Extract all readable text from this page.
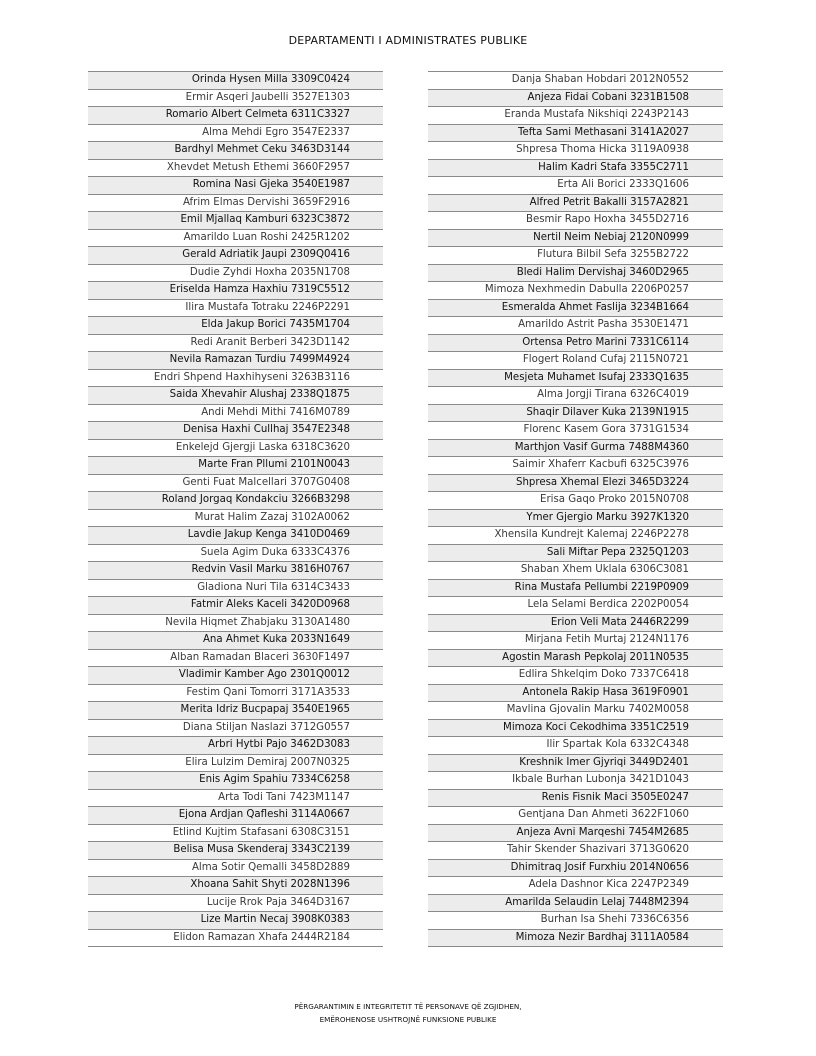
DEPARTAMENTI I ADMINISTRATES PUBLIKE
Orinda Hysen Milla 3309C0424
Ermir Asqeri Jaubelli 3527E1303
Romario Albert Celmeta 6311C3327
Alma Mehdi Egro 3547E2337
Bardhyl Mehmet Ceku 3463D3144
Xhevdet Metush Ethemi 3660F2957
Romina Nasi Gjeka 3540E1987
Afrim Elmas Dervishi 3659F2916
Emil Mjallaq Kamburi 6323C3872
Amarildo Luan Roshi 2425R1202
Gerald Adriatik Jaupi 2309Q0416
Dudie Zyhdi Hoxha 2035N1708
Eriselda Hamza Haxhiu 7319C5512
Ilira Mustafa Totraku 2246P2291
Elda Jakup Borici 7435M1704
Redi Aranit Berberi 3423D1142
Nevila Ramazan Turdiu 7499M4924
Endri Shpend Haxhihyseni 3263B3116
Saida Xhevahir Alushaj 2338Q1875
Andi Mehdi Mithi 7416M0789
Denisa Haxhi Cullhaj 3547E2348
Enkelejd Gjergji Laska 6318C3620
Marte Fran Pllumi 2101N0043
Genti Fuat Malcellari 3707G0408
Roland Jorgaq Kondakciu 3266B3298
Murat Halim Zazaj 3102A0062
Lavdie Jakup Kenga 3410D0469
Suela Agim Duka 6333C4376
Redvin Vasil Marku 3816H0767
Gladiona Nuri Tila 6314C3433
Fatmir Aleks Kaceli 3420D0968
Nevila Hiqmet Zhabjaku 3130A1480
Ana Ahmet Kuka 2033N1649
Alban Ramadan Blaceri 3630F1497
Vladimir Kamber Ago 2301Q0012
Festim Qani Tomorri 3171A3533
Merita Idriz Bucpapaj 3540E1965
Diana Stiljan Naslazi 3712G0557
Arbri Hytbi Pajo 3462D3083
Elira Lulzim Demiraj 2007N0325
Enis Agim Spahiu 7334C6258
Arta Todi Tani 7423M1147
Ejona Ardjan Qafleshi 3114A0667
Etlind Kujtim Stafasani 6308C3151
Belisa Musa Skenderaj 3343C2139
Alma Sotir Qemalli 3458D2889
Xhoana Sahit Shyti 2028N1396
Lucije Rrok Paja 3464D3167
Lize Martin Necaj 3908K0383
Elidon Ramazan Xhafa 2444R2184
Danja Shaban Hobdari 2012N0552
Anjeza Fidai Cobani 3231B1508
Eranda Mustafa Nikshiqi 2243P2143
Tefta Sami Methasani 3141A2027
Shpresa Thoma Hicka 3119A0938
Halim Kadri Stafa 3355C2711
Erta Ali Borici 2333Q1606
Alfred Petrit Bakalli 3157A2821
Besmir Rapo Hoxha 3455D2716
Nertil Neim Nebiaj 2120N0999
Flutura Bilbil Sefa 3255B2722
Bledi Halim Dervishaj 3460D2965
Mimoza Nexhmedin Dabulla 2206P0257
Esmeralda Ahmet Faslija 3234B1664
Amarildo Astrit Pasha 3530E1471
Ortensa Petro Marini 7331C6114
Flogert Roland Cufaj 2115N0721
Mesjeta Muhamet Isufaj 2333Q1635
Alma Jorgji Tirana 6326C4019
Shaqir Dilaver Kuka 2139N1915
Florenc Kasem Gora 3731G1534
Marthjon Vasif Gurma 7488M4360
Saimir Xhaferr Kacbufi 6325C3976
Shpresa Xhemal Elezi 3465D3224
Erisa Gaqo Proko 2015N0708
Ymer Gjergio Marku 3927K1320
Xhensila Kundrejt Kalemaj 2246P2278
Sali Miftar Pepa 2325Q1203
Shaban Xhem Uklala 6306C3081
Rina Mustafa Pellumbi 2219P0909
Lela Selami Berdica 2202P0054
Erion Veli Mata 2446R2299
Mirjana Fetih Murtaj 2124N1176
Agostin Marash Pepkolaj 2011N0535
Edlira Shkelqim Doko 7337C6418
Antonela Rakip Hasa 3619F0901
Mavlina Gjovalin Marku 7402M0058
Mimoza Koci Cekodhima 3351C2519
Ilir Spartak Kola 6332C4348
Kreshnik Imer Gjyriqi 3449D2401
Ikbale Burhan Lubonja 3421D1043
Renis Fisnik Maci 3505E0247
Gentjana Dan Ahmeti 3622F1060
Anjeza Avni Marqeshi 7454M2685
Tahir Skender Shazivari 3713G0620
Dhimitraq Josif Furxhiu 2014N0656
Adela Dashnor Kica 2247P2349
Amarilda Selaudin Lelaj 7448M2394
Burhan Isa Shehi 7336C6356
Mimoza Nezir Bardhaj 3111A0584
PËRGARANTIMIN E INTEGRITETIT TË PERSONAVE QË ZGJIDHEN,
EMËROHENOSE USHTROJNË FUNKSIONE PUBLIKE
